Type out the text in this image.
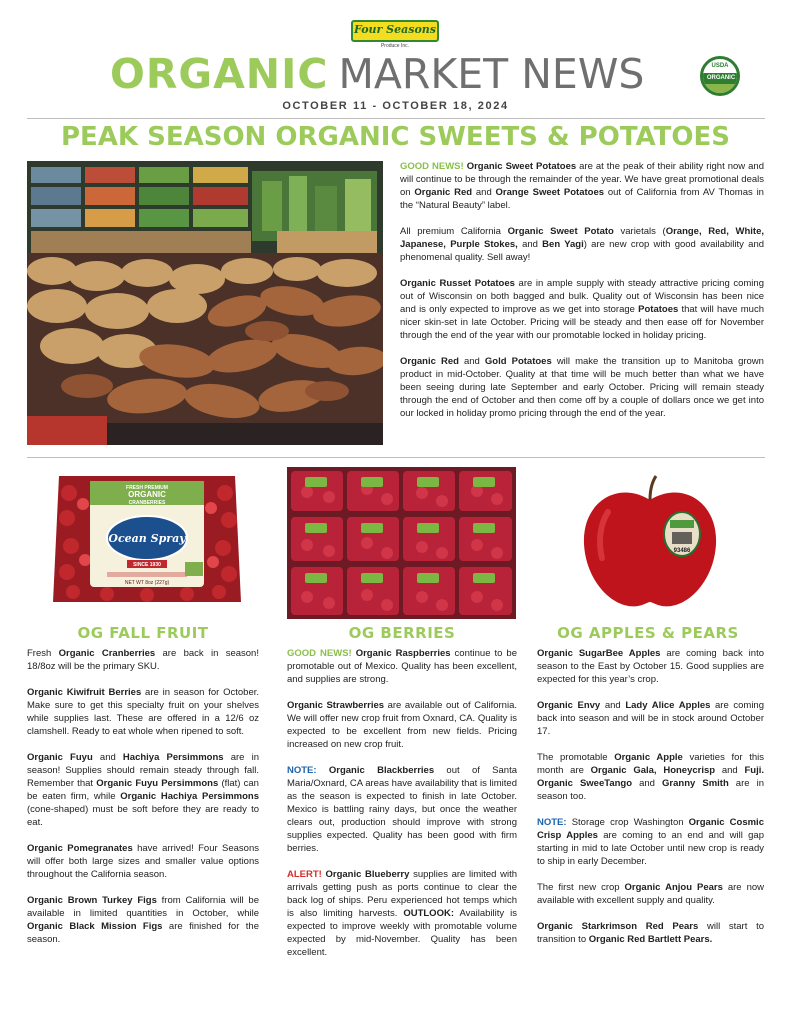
Four Seasons
Produce Inc.
ORGANIC MARKET NEWS	USDA
ORGANIC
OCTOBER 11 - OCTOBER 18, 2024
PEAK SEASON ORGANIC SWEETS & POTATOES

GOOD NEWS! Organic Sweet Potatoes are at the peak of their ability right now and will continue to be through the remainder of the year. We have great promotional deals on Organic Red and Orange Sweet Potatoes out of California from AV Thomas in the “Natural Beauty” label.

All premium California Organic Sweet Potato varietals (Orange, Red, White, Japanese, Purple Stokes, and Ben Yagi) are new crop with good availability and phenomenal quality. Sell away!

Organic Russet Potatoes are in ample supply with steady attractive pricing coming out of Wisconsin on both bagged and bulk. Quality out of Wisconsin has been nice and is only expected to improve as we get into storage Potatoes that will have much nicer skin-set in late October. Pricing will be steady and then ease off for November through the end of the year with our promotable locked in holiday pricing.

Organic Red and Gold Potatoes will make the transition up to Manitoba grown product in mid-October. Quality at that time will be much better than what we have been seeing during late September and early October. Pricing will remain steady through the end of October and then come off by a couple of dollars once we get into our locked in holiday promo pricing through the end of the year.

FRESH PREMIUM
ORGANIC
CRANBERRIES
Ocean Spray
SINCE 1930
NET WT 8oz (227g)
93486
OG FALL FRUIT	OG BERRIES	OG APPLES & PEARS

Fresh Organic Cranberries are back in season! 18/8oz will be the primary SKU.

Organic Kiwifruit Berries are in season for October. Make sure to get this specialty fruit on your shelves while supplies last. These are offered in a 12/6 oz clamshell. Ready to eat whole when ripened to soft.

Organic Fuyu and Hachiya Persimmons are in season! Supplies should remain steady through fall. Remember that Organic Fuyu Persimmons (flat) can be eaten firm, while Organic Hachiya Persimmons (cone-shaped) must be soft before they are ready to eat.

Organic Pomegranates have arrived! Four Seasons will offer both large sizes and smaller value options throughout the California season.

Organic Brown Turkey Figs from California will be available in limited quantities in October, while Organic Black Mission Figs are finished for the season.

GOOD NEWS! Organic Raspberries continue to be promotable out of Mexico. Quality has been excellent, and supplies are strong.

Organic Strawberries are available out of California. We will offer new crop fruit from Oxnard, CA. Quality is expected to be excellent from new fields. Pricing increased on new crop fruit.

NOTE: Organic Blackberries out of Santa Maria/Oxnard, CA areas have availability that is limited as the season is expected to finish in late October. Mexico is battling rainy days, but once the weather clears out, production should improve with strong supplies expected. Quality has been good with firm berries.

ALERT! Organic Blueberry supplies are limited with arrivals getting push as ports continue to clear the back log of ships. Peru experienced hot temps which is also limiting harvests. OUTLOOK: Availability is expected to improve weekly with promotable volume expected by mid-November. Quality has been excellent.

Organic SugarBee Apples are coming back into season to the East by October 15. Good supplies are expected for this year’s crop.

Organic Envy and Lady Alice Apples are coming back into season and will be in stock around October 17.

The promotable Organic Apple varieties for this month are Organic Gala, Honeycrisp and Fuji. Organic SweeTango and Granny Smith are in season too.

NOTE: Storage crop Washington Organic Cosmic Crisp Apples are coming to an end and will gap starting in mid to late October until new crop is ready to ship in early December.

The first new crop Organic Anjou Pears are now available with excellent supply and quality.

Organic Starkrimson Red Pears will start to transition to Organic Red Bartlett Pears.
